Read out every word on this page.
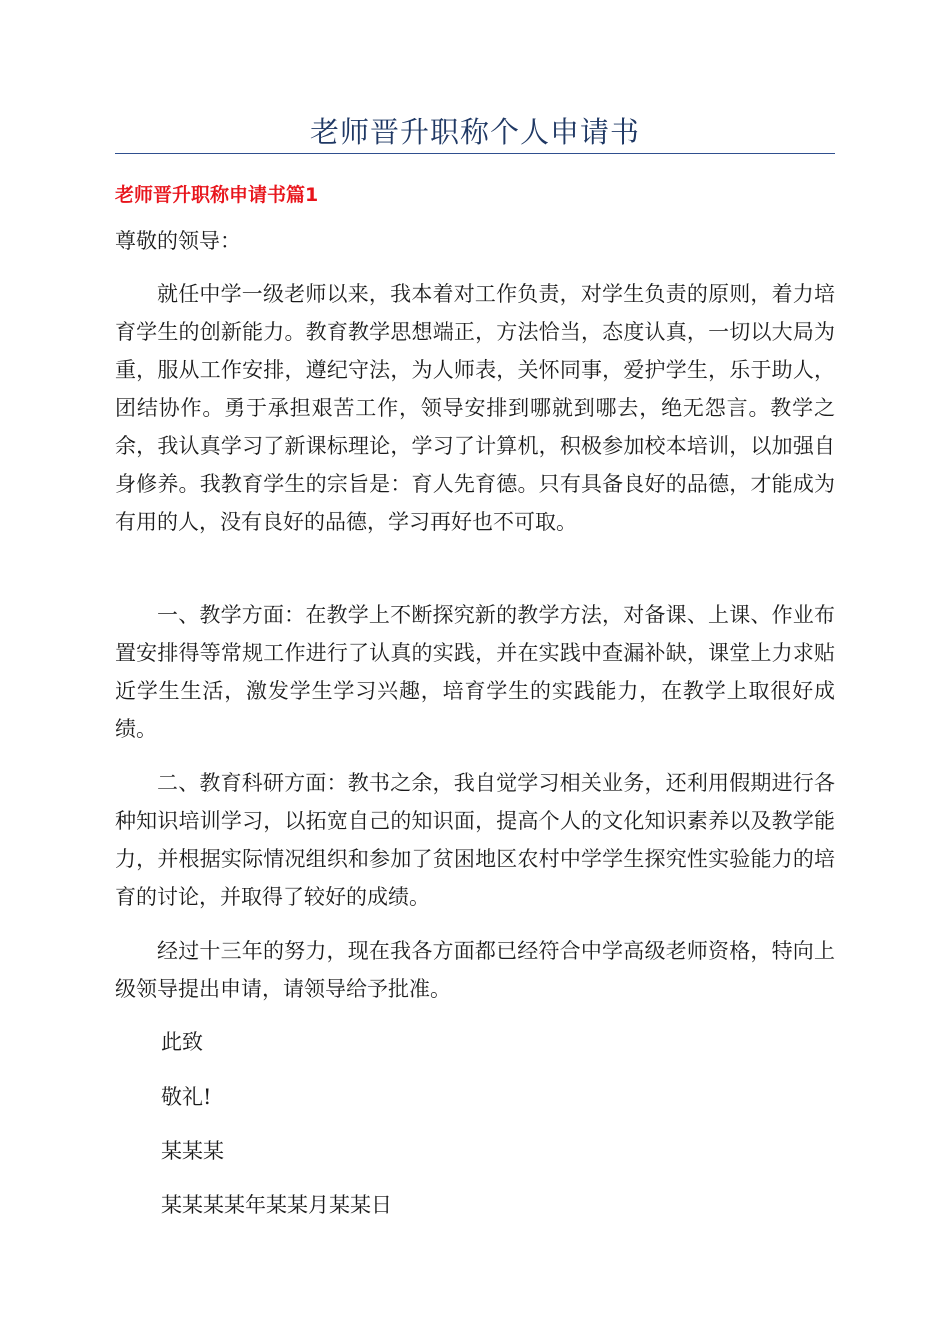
老师晋升职称个人申请书
老师晋升职称申请书篇1
尊敬的领导：

就任中学一级老师以来，我本着对工作负责，对学生负责的原则，着力培育学生的创新能力。教育教学思想端正，方法恰当，态度认真，一切以大局为重，服从工作安排，遵纪守法，为人师表，关怀同事，爱护学生，乐于助人，团结协作。勇于承担艰苦工作，领导安排到哪就到哪去，绝无怨言。教学之余，我认真学习了新课标理论，学习了计算机，积极参加校本培训，以加强自身修养。我教育学生的宗旨是：育人先育德。只有具备良好的品德，才能成为有用的人，没有良好的品德，学习再好也不可取。

一、教学方面：在教学上不断探究新的教学方法，对备课、上课、作业布置安排得等常规工作进行了认真的实践，并在实践中查漏补缺，课堂上力求贴近学生生活，激发学生学习兴趣，培育学生的实践能力，在教学上取很好成绩。

二、教育科研方面：教书之余，我自觉学习相关业务，还利用假期进行各种知识培训学习，以拓宽自己的知识面，提高个人的文化知识素养以及教学能力，并根据实际情况组织和参加了贫困地区农村中学学生探究性实验能力的培育的讨论，并取得了较好的成绩。

经过十三年的努力，现在我各方面都已经符合中学高级老师资格，特向上级领导提出申请，请领导给予批准。

此致
敬礼!
某某某
某某某某年某某月某某日
